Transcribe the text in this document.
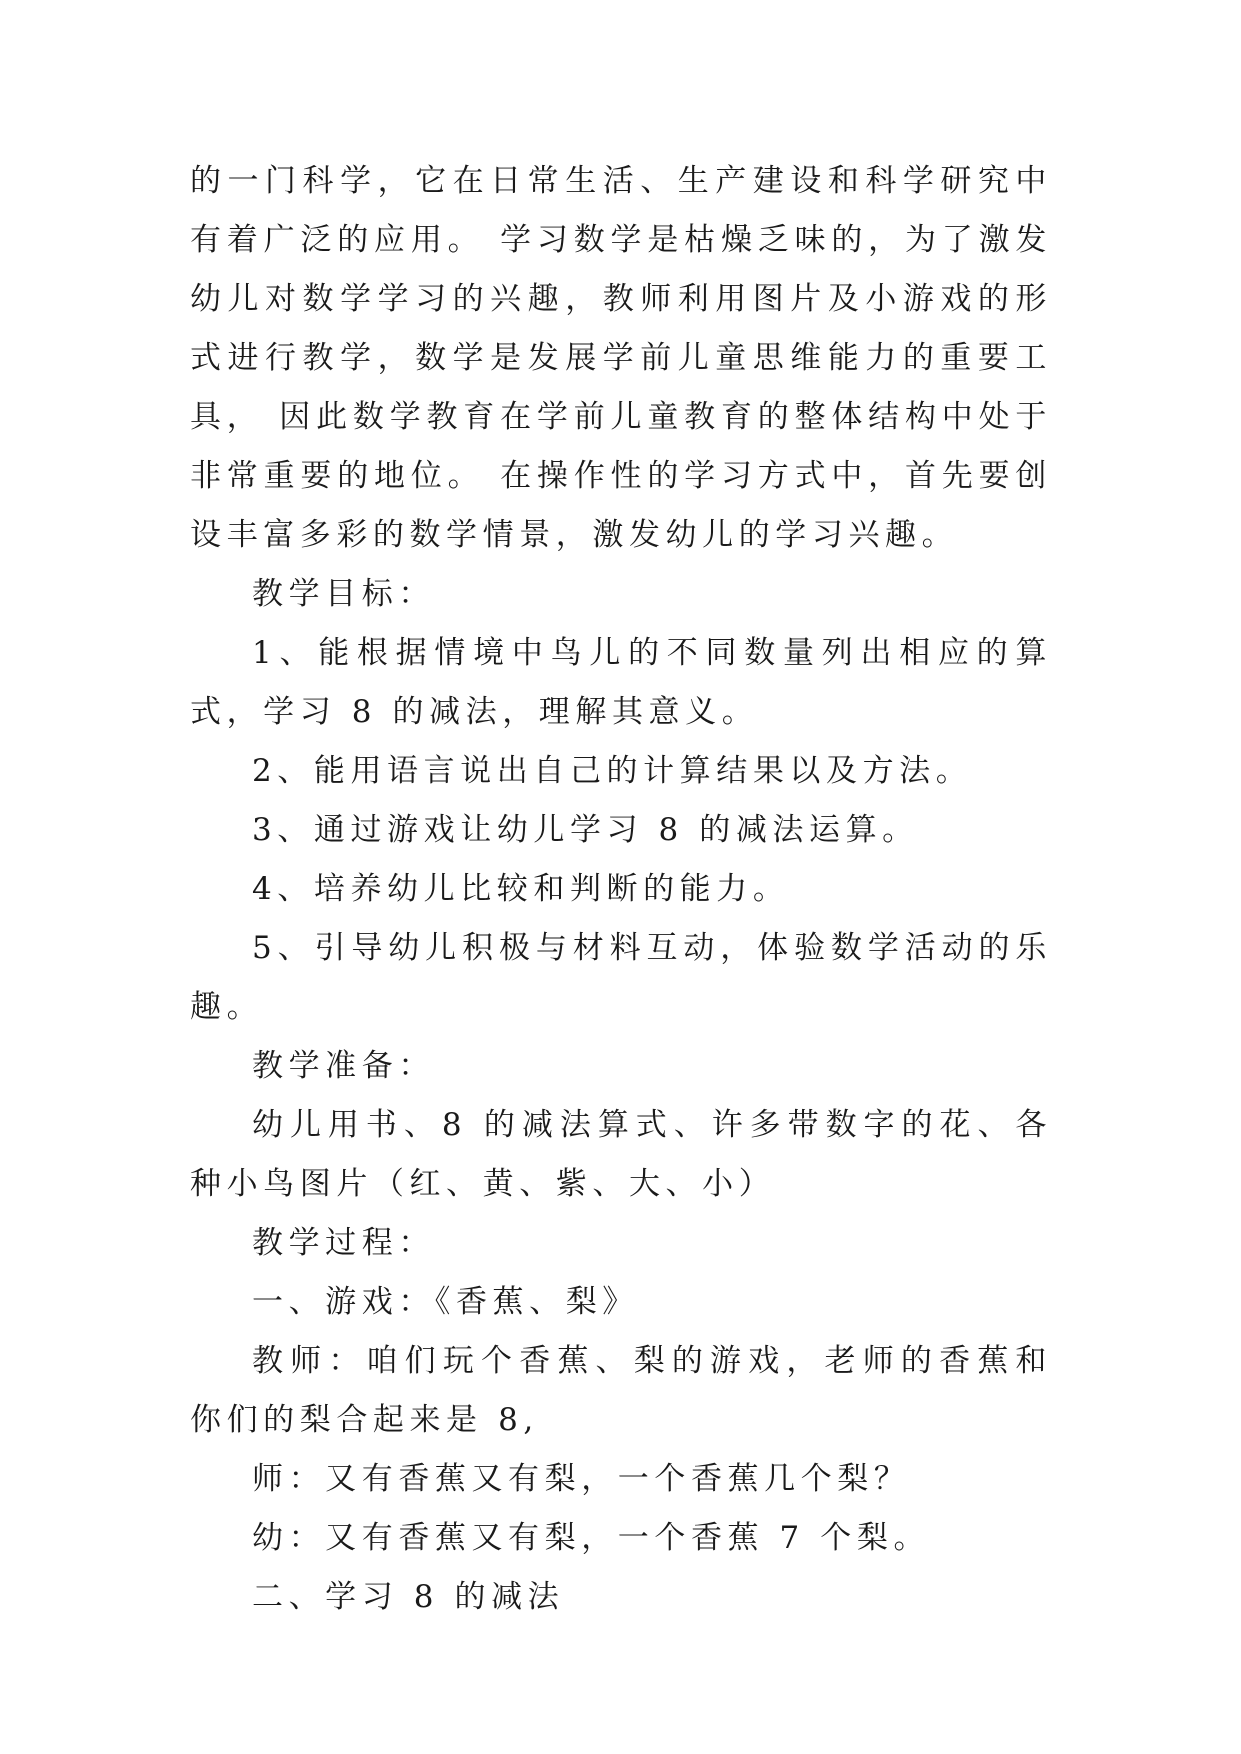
的一门科学，它在日常生活、生产建设和科学研究中有着广泛的应用。 学习数学是枯燥乏味的，为了激发幼儿对数学学习的兴趣，教师利用图片及小游戏的形式进行教学，数学是发展学前儿童思维能力的重要工具， 因此数学教育在学前儿童教育的整体结构中处于非常重要的地位。 在操作性的学习方式中，首先要创设丰富多彩的数学情景，激发幼儿的学习兴趣。

教学目标：

1、能根据情境中鸟儿的不同数量列出相应的算式，学习 8 的减法，理解其意义。

2、能用语言说出自己的计算结果以及方法。

3、通过游戏让幼儿学习 8 的减法运算。

4、培养幼儿比较和判断的能力。

5、引导幼儿积极与材料互动，体验数学活动的乐趣。

教学准备：

幼儿用书、8 的减法算式、许多带数字的花、各种小鸟图片（红、黄、紫、大、小）

教学过程：

一、游戏：《香蕉、梨》

教师：咱们玩个香蕉、梨的游戏，老师的香蕉和你们的梨合起来是 8,

师：又有香蕉又有梨，一个香蕉几个梨？

幼：又有香蕉又有梨，一个香蕉 7 个梨。

二、学习 8 的减法
